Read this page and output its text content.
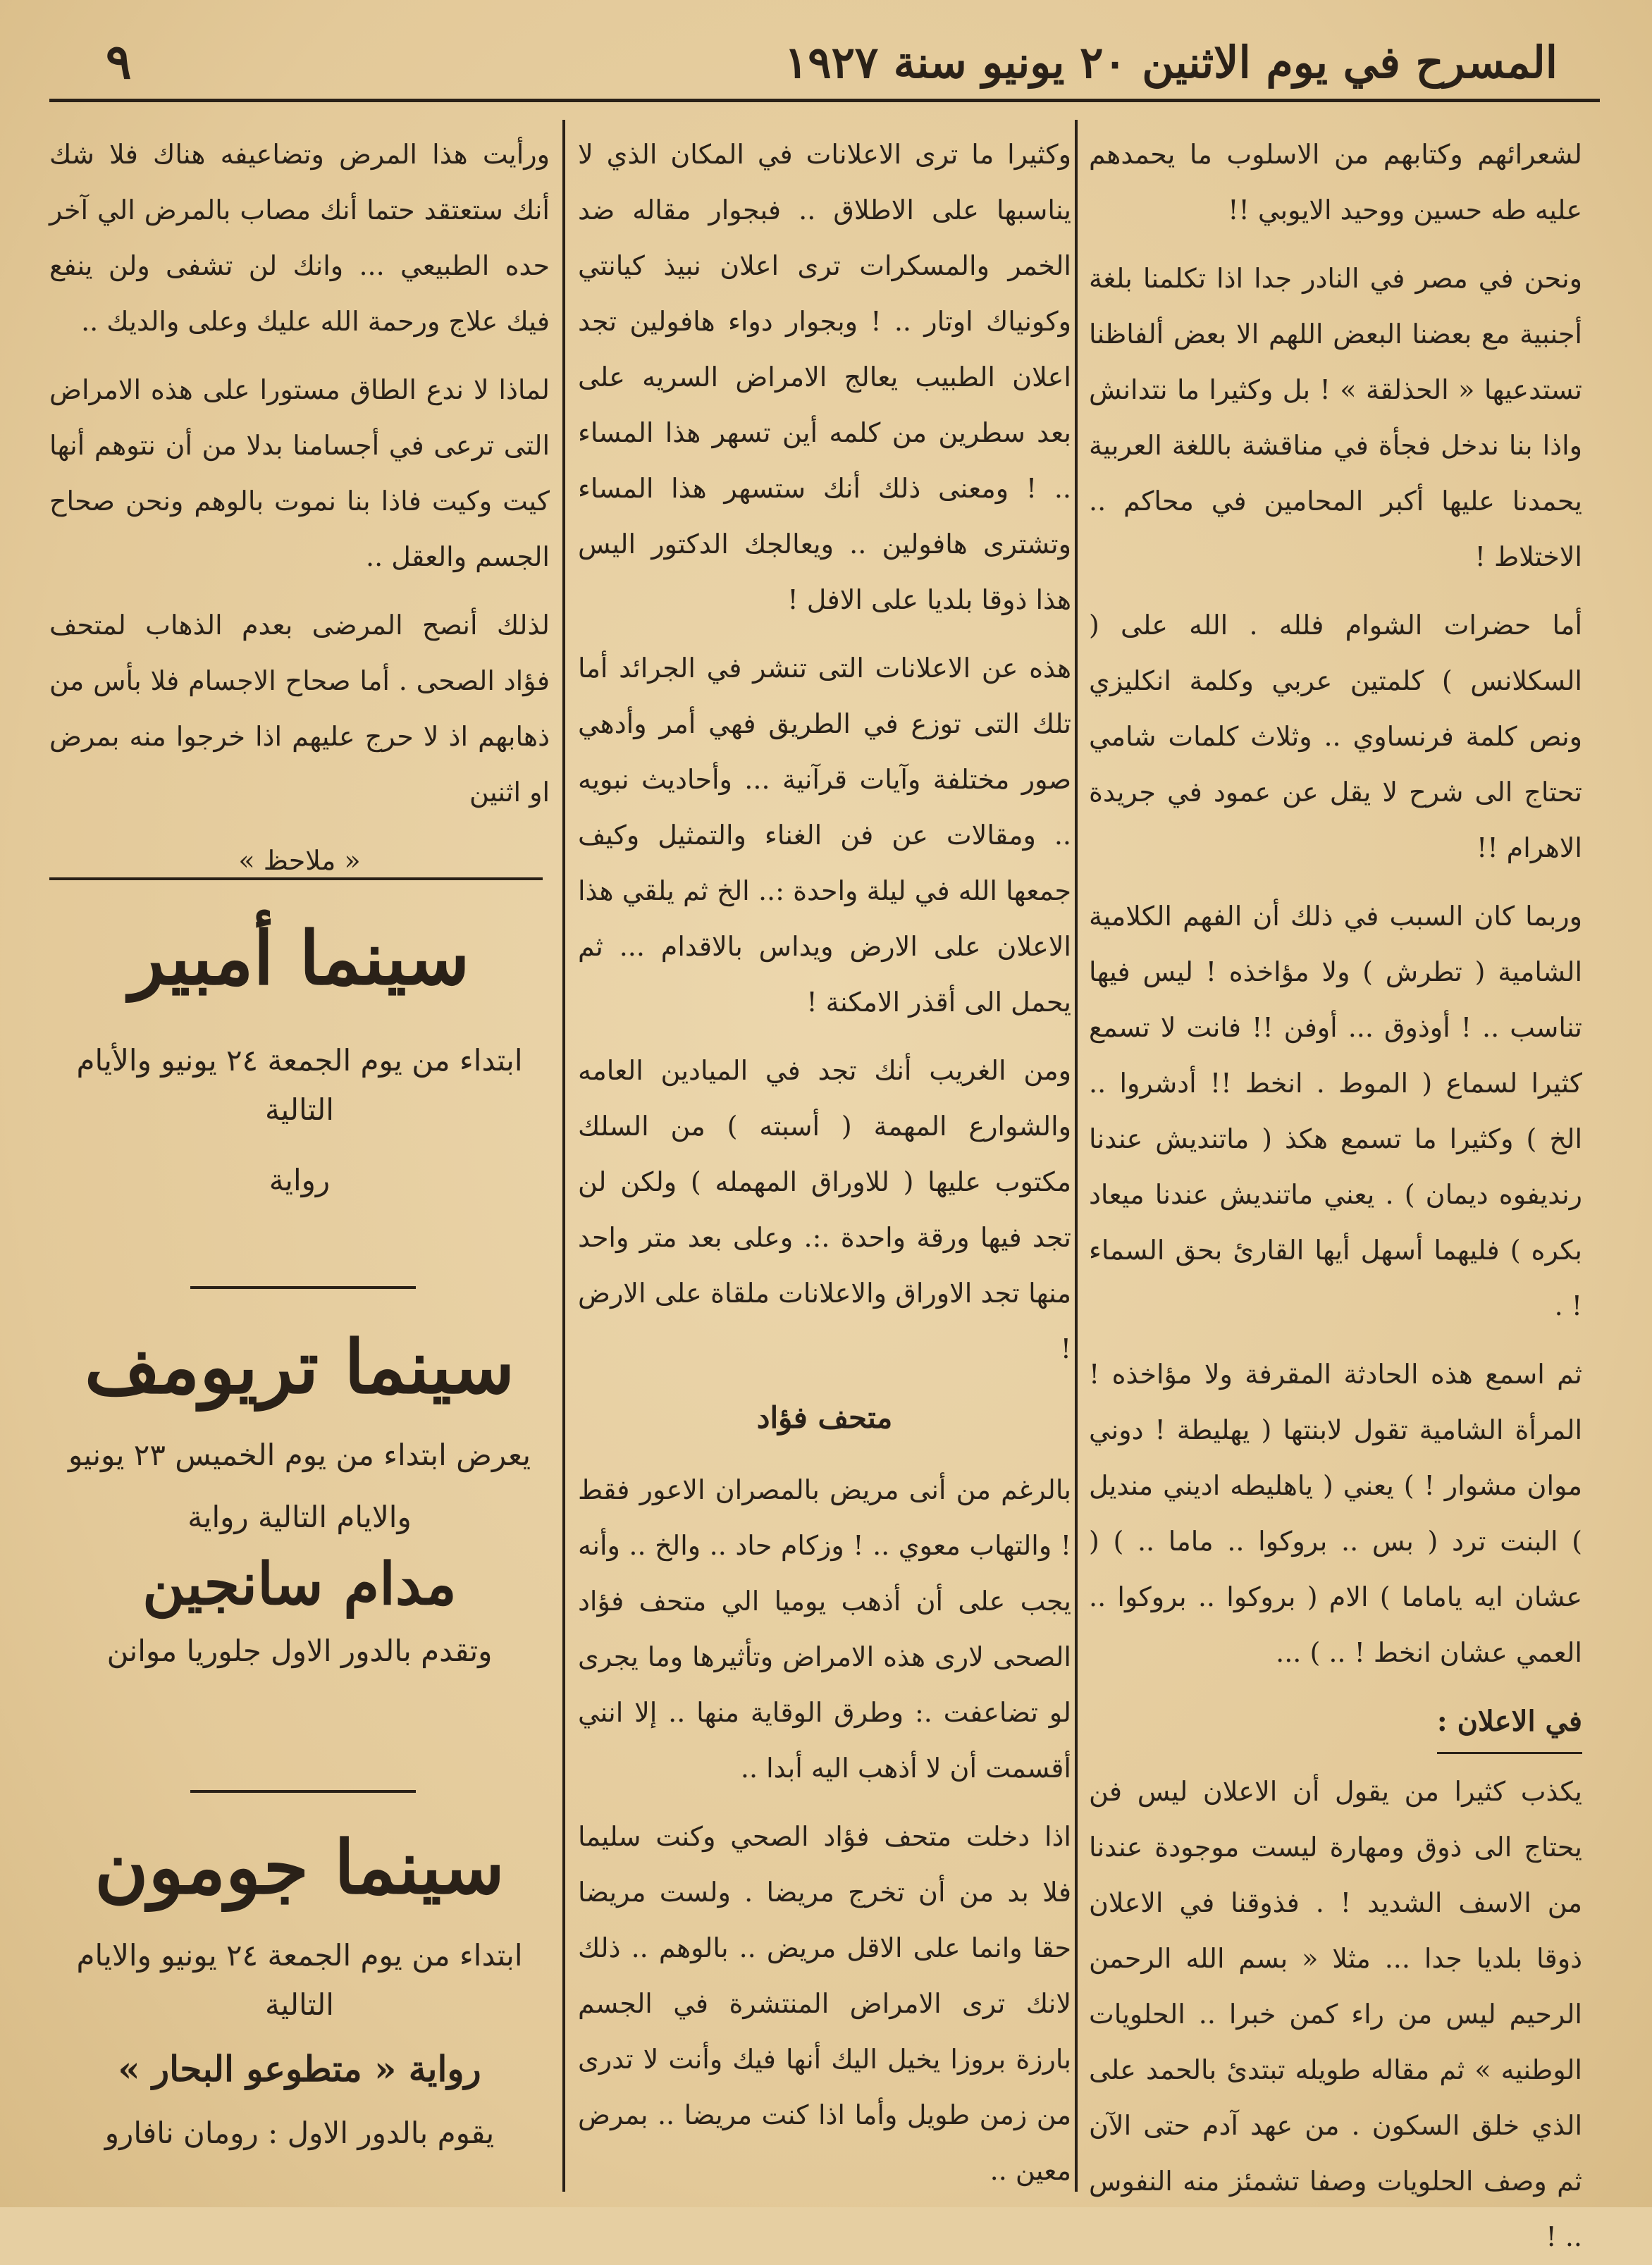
٩	المسرح في يوم الاثنين ٢٠ يونيو سنة ١٩٢٧

لشعرائهم وكتابهم من الاسلوب ما يحمدهم عليه طه حسين ووحيد الايوبي !!

ونحن في مصر في النادر جدا اذا تكلمنا بلغة أجنبية مع بعضنا البعض اللهم الا بعض ألفاظنا تستدعيها « الحذلقة » ! بل وكثيرا ما نتدانش واذا بنا ندخل فجأة في مناقشة باللغة العربية يحمدنا عليها أكبر المحامين في محاكم .. الاختلاط !

أما حضرات الشوام فلله . الله على ( السكلانس ) كلمتين عربي وكلمة انكليزي ونص كلمة فرنساوي .. وثلاث كلمات شامي تحتاج الى شرح لا يقل عن عمود في جريدة الاهرام !!

وربما كان السبب في ذلك أن الفهم الكلامية الشامية ( تطرش ) ولا مؤاخذه ! ليس فيها تناسب .. ! أوذوق ... أوفن !! فانت لا تسمع كثيرا لسماع ( الموط . انخط !! أدشروا .. الخ ) وكثيرا ما تسمع هكذ ( ماتنديش عندنا رنديفوه ديمان ) . يعني ماتنديش عندنا ميعاد بكره ) فليهما أسهل أيها القارئ بحق السماء ! .

ثم اسمع هذه الحادثة المقرفة ولا مؤاخذه ! المرأة الشامية تقول لابنتها ( يهليطة ! دوني موان مشوار ! ) يعني ( ياهليطه اديني منديل ) البنت ترد ( بس .. بروكوا .. ماما .. ) ( عشان ايه ياماما ) الام ( بروكوا .. بروكوا .. العمي عشان انخط ! .. ) ...

في الاعلان :

يكذب كثيرا من يقول أن الاعلان ليس فن يحتاج الى ذوق ومهارة ليست موجودة عندنا من الاسف الشديد ! . فذوقنا في الاعلان ذوقا بلديا جدا ... مثلا « بسم الله الرحمن الرحيم ليس من راء كمن خبرا .. الحلويات الوطنيه » ثم مقاله طويله تبتدئ بالحمد على الذي خلق السكون . من عهد آدم حتى الآن ثم وصف الحلويات وصفا تشمئز منه النفوس .. !

وكثيرا ما ترى الاعلانات في المكان الذي لا يناسبها على الاطلاق .. فبجوار مقاله ضد الخمر والمسكرات ترى اعلان نبيذ كيانتي وكونياك اوتار .. ! وبجوار دواء هافولين تجد اعلان الطبيب يعالج الامراض السريه على بعد سطرين من كلمه أين تسهر هذا المساء .. ! ومعنى ذلك أنك ستسهر هذا المساء وتشترى هافولين .. ويعالجك الدكتور اليس هذا ذوقا بلديا على الافل !

هذه عن الاعلانات التى تنشر في الجرائد أما تلك التى توزع في الطريق فهي أمر وأدهي صور مختلفة وآيات قرآنية ... وأحاديث نبويه .. ومقالات عن فن الغناء والتمثيل وكيف جمعها الله في ليلة واحدة :.. الخ ثم يلقي هذا الاعلان على الارض ويداس بالاقدام ... ثم يحمل الى أقذر الامكنة !

ومن الغريب أنك تجد في الميادين العامه والشوارع المهمة ( أسبته ) من السلك مكتوب عليها ( للاوراق المهمله ) ولكن لن تجد فيها ورقة واحدة .:. وعلى بعد متر واحد منها تجد الاوراق والاعلانات ملقاة على الارض !

متحف فؤاد

بالرغم من أنى مريض بالمصران الاعور فقط ! والتهاب معوي .. ! وزكام حاد .. والخ .. وأنه يجب على أن أذهب يوميا الي متحف فؤاد الصحى لارى هذه الامراض وتأثيرها وما يجرى لو تضاعفت .: وطرق الوقاية منها .. إلا انني أقسمت أن لا أذهب اليه أبدا ..

اذا دخلت متحف فؤاد الصحي وكنت سليما فلا بد من أن تخرج مريضا . ولست مريضا حقا وانما على الاقل مريض .. بالوهم .. ذلك لانك ترى الامراض المنتشرة في الجسم بارزة بروزا يخيل اليك أنها فيك وأنت لا تدرى من زمن طويل وأما اذا كنت مريضا .. بمرض معين ..

ورأيت هذا المرض وتضاعيفه هناك فلا شك أنك ستعتقد حتما أنك مصاب بالمرض الي آخر حده الطبيعي ... وانك لن تشفى ولن ينفع فيك علاج ورحمة الله عليك وعلى والديك ..

لماذا لا ندع الطاق مستورا على هذه الامراض التى ترعى في أجسامنا بدلا من أن نتوهم أنها كيت وكيت فاذا بنا نموت بالوهم ونحن صحاح الجسم والعقل ..

لذلك أنصح المرضى بعدم الذهاب لمتحف فؤاد الصحى . أما صحاح الاجسام فلا بأس من ذهابهم اذ لا حرج عليهم اذا خرجوا منه بمرض او اثنين

« ملاحظ »
سينما أمبير
ابتداء من يوم الجمعة ٢٤ يونيو والأيام التالية
رواية
سينما تريومف
يعرض ابتداء من يوم الخميس ٢٣ يونيو
والايام التالية رواية
مدام سانجين
وتقدم بالدور الاول جلوريا موانن
سينما جومون
ابتداء من يوم الجمعة ٢٤ يونيو والايام التالية
رواية « متطوعو البحار »
يقوم بالدور الاول : رومان نافارو
